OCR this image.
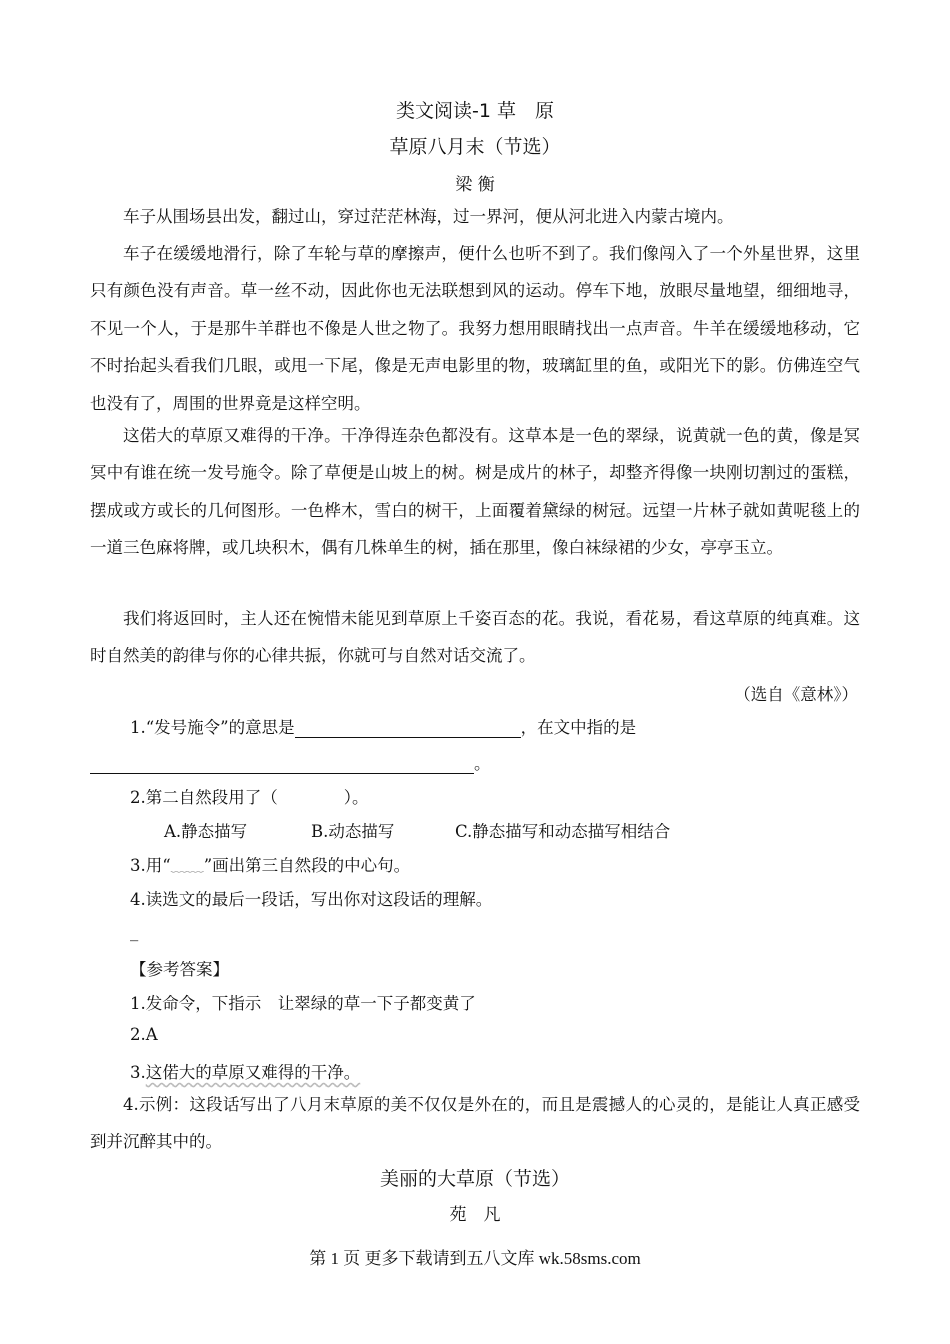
类文阅读-1 草　原
草原八月末（节选）
梁 衡

车子从围场县出发，翻过山，穿过茫茫林海，过一界河，便从河北进入内蒙古境内。

车子在缓缓地滑行，除了车轮与草的摩擦声，便什么也听不到了。我们像闯入了一个外星世界，这里只有颜色没有声音。草一丝不动，因此你也无法联想到风的运动。停车下地，放眼尽量地望，细细地寻，不见一个人，于是那牛羊群也不像是人世之物了。我努力想用眼睛找出一点声音。牛羊在缓缓地移动，它不时抬起头看我们几眼，或甩一下尾，像是无声电影里的物，玻璃缸里的鱼，或阳光下的影。仿佛连空气也没有了，周围的世界竟是这样空明。

这偌大的草原又难得的干净。干净得连杂色都没有。这草本是一色的翠绿，说黄就一色的黄，像是冥冥中有谁在统一发号施令。除了草便是山坡上的树。树是成片的林子，却整齐得像一块刚切割过的蛋糕，摆成或方或长的几何图形。一色桦木，雪白的树干，上面覆着黛绿的树冠。远望一片林子就如黄呢毯上的一道三色麻将牌，或几块积木，偶有几株单生的树，插在那里，像白袜绿裙的少女，亭亭玉立。

我们将返回时，主人还在惋惜未能见到草原上千姿百态的花。我说，看花易，看这草原的纯真难。这时自然美的韵律与你的心律共振，你就可与自然对话交流了。

（选自《意林》）
1.“发号施令”的意思是	，在文中指的是
。
2.第二自然段用了（　　　　）。
A.静态描写	B.动态描写	C.静态描写和动态描写相结合
3.用“﹏﹏”画出第三自然段的中心句。
4.读选文的最后一段话，写出你对这段话的理解。
_
【参考答案】
1.发命令，下指示　让翠绿的草一下子都变黄了
2.A
3.这偌大的草原又难得的干净。

4.示例：这段话写出了八月末草原的美不仅仅是外在的，而且是震撼人的心灵的，是能让人真正感受到并沉醉其中的。

美丽的大草原（节选）
苑　凡
第 1 页 更多下载请到五八文库 wk.58sms.com
